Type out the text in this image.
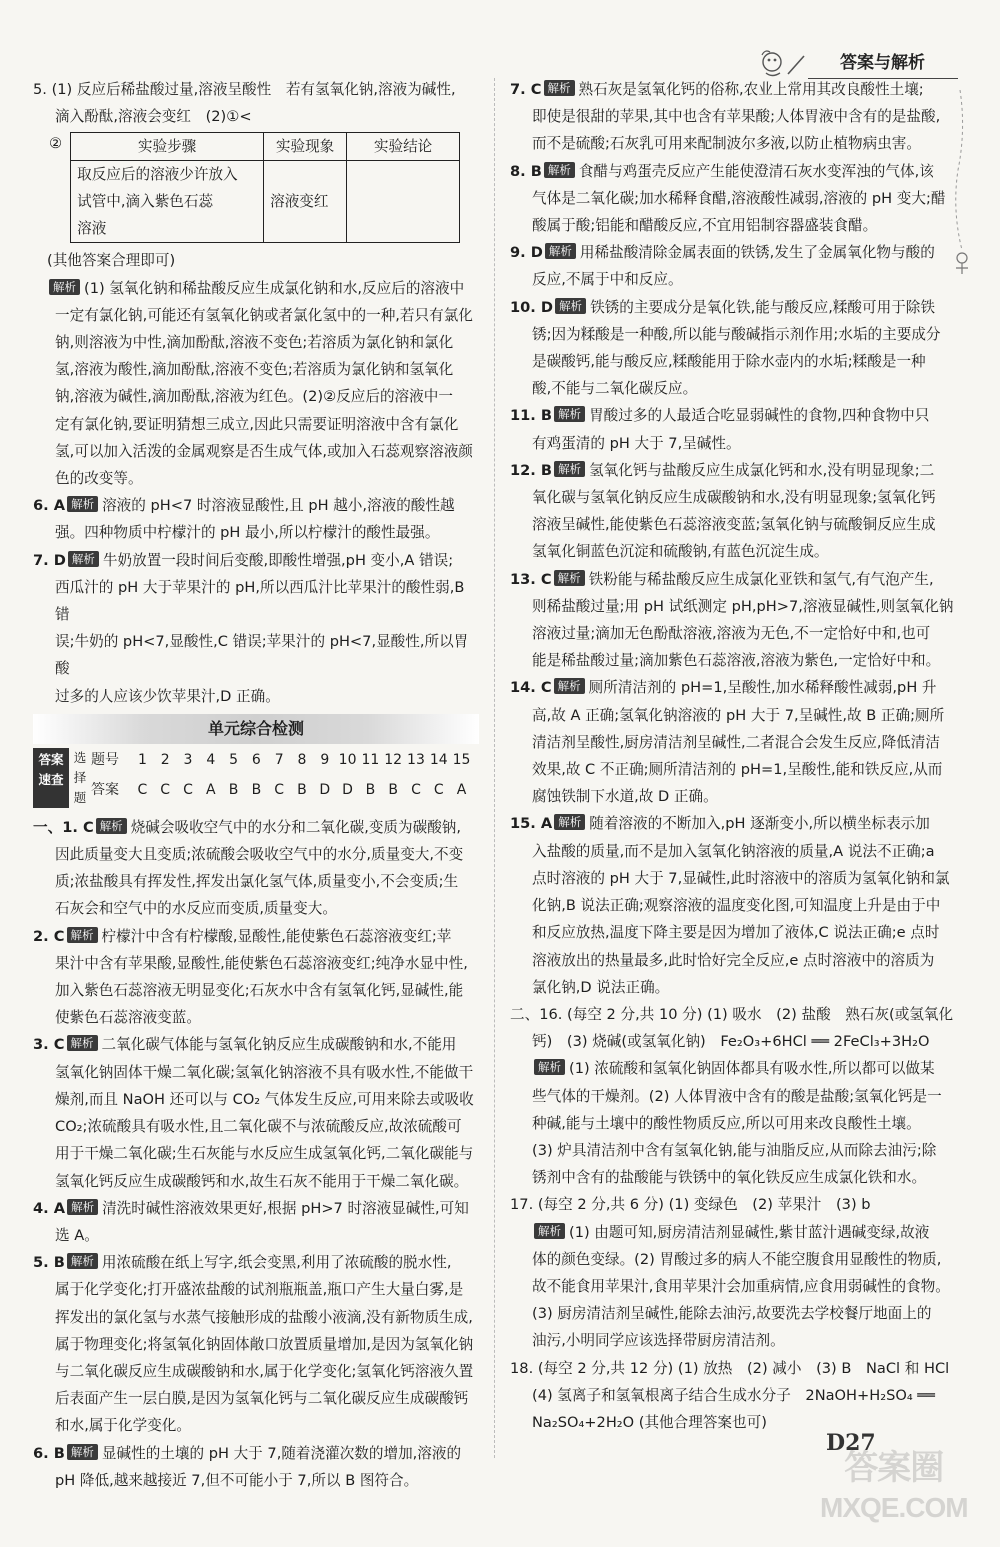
答案与解析

5. (1) 反应后稀盐酸过量,溶液呈酸性　若有氢氧化钠,溶液为碱性,

滴入酚酞,溶液会变红　(2)①<

②	实验步骤	实验现象	实验结论

取反应后的溶液少许放入
试管中,滴入紫色石蕊
溶液	溶液变红	

(其他答案合理即可)

解析 (1) 氢氧化钠和稀盐酸反应生成氯化钠和水,反应后的溶液中

一定有氯化钠,可能还有氢氧化钠或者氯化氢中的一种,若只有氯化

钠,则溶液为中性,滴加酚酞,溶液不变色;若溶质为氯化钠和氯化

氢,溶液为酸性,滴加酚酞,溶液不变色;若溶质为氯化钠和氢氧化

钠,溶液为碱性,滴加酚酞,溶液为红色。(2)②反应后的溶液中一

定有氯化钠,要证明猜想三成立,因此只需要证明溶液中含有氯化

氢,可以加入活泼的金属观察是否生成气体,或加入石蕊观察溶液颜

色的改变等。

6. A 解析 溶液的 pH<7 时溶液显酸性,且 pH 越小,溶液的酸性越

强。四种物质中柠檬汁的 pH 最小,所以柠檬汁的酸性最强。

7. D 解析 牛奶放置一段时间后变酸,即酸性增强,pH 变小,A 错误;

西瓜汁的 pH 大于苹果汁的 pH,所以西瓜汁比苹果汁的酸性弱,B 错

误;牛奶的 pH<7,显酸性,C 错误;苹果汁的 pH<7,显酸性,所以胃酸

过多的人应该少饮苹果汁,D 正确。

单元综合检测
答案
速查
选
择
题
题号	1 2 3 4 5 6 7 8 9 10 11 12 13 14 15
答案	C C C A B B C B D D B B C C A

一、1. C 解析 烧碱会吸收空气中的水分和二氧化碳,变质为碳酸钠,

因此质量变大且变质;浓硫酸会吸收空气中的水分,质量变大,不变

质;浓盐酸具有挥发性,挥发出氯化氢气体,质量变小,不会变质;生

石灰会和空气中的水反应而变质,质量变大。

2. C 解析 柠檬汁中含有柠檬酸,显酸性,能使紫色石蕊溶液变红;苹

果汁中含有苹果酸,显酸性,能使紫色石蕊溶液变红;纯净水显中性,

加入紫色石蕊溶液无明显变化;石灰水中含有氢氧化钙,显碱性,能

使紫色石蕊溶液变蓝。

3. C 解析 二氧化碳气体能与氢氧化钠反应生成碳酸钠和水,不能用

氢氧化钠固体干燥二氧化碳;氢氧化钠溶液不具有吸水性,不能做干

燥剂,而且 NaOH 还可以与 CO₂ 气体发生反应,可用来除去或吸收

CO₂;浓硫酸具有吸水性,且二氧化碳不与浓硫酸反应,故浓硫酸可

用于干燥二氧化碳;生石灰能与水反应生成氢氧化钙,二氧化碳能与

氢氧化钙反应生成碳酸钙和水,故生石灰不能用于干燥二氧化碳。

4. A 解析 清洗时碱性溶液效果更好,根据 pH>7 时溶液显碱性,可知

选 A。

5. B 解析 用浓硫酸在纸上写字,纸会变黑,利用了浓硫酸的脱水性,

属于化学变化;打开盛浓盐酸的试剂瓶瓶盖,瓶口产生大量白雾,是

挥发出的氯化氢与水蒸气接触形成的盐酸小液滴,没有新物质生成,

属于物理变化;将氢氧化钠固体敞口放置质量增加,是因为氢氧化钠

与二氧化碳反应生成碳酸钠和水,属于化学变化;氢氧化钙溶液久置

后表面产生一层白膜,是因为氢氧化钙与二氧化碳反应生成碳酸钙

和水,属于化学变化。

6. B 解析 显碱性的土壤的 pH 大于 7,随着浇灌次数的增加,溶液的

pH 降低,越来越接近 7,但不可能小于 7,所以 B 图符合。

7. C 解析 熟石灰是氢氧化钙的俗称,农业上常用其改良酸性土壤;

即使是很甜的苹果,其中也含有苹果酸;人体胃液中含有的是盐酸,

而不是硫酸;石灰乳可用来配制波尔多液,以防止植物病虫害。

8. B 解析 食醋与鸡蛋壳反应产生能使澄清石灰水变浑浊的气体,该

气体是二氧化碳;加水稀释食醋,溶液酸性减弱,溶液的 pH 变大;醋

酸属于酸;铝能和醋酸反应,不宜用铝制容器盛装食醋。

9. D 解析 用稀盐酸清除金属表面的铁锈,发生了金属氧化物与酸的

反应,不属于中和反应。

10. D 解析 铁锈的主要成分是氧化铁,能与酸反应,糅酸可用于除铁

锈;因为糅酸是一种酸,所以能与酸碱指示剂作用;水垢的主要成分

是碳酸钙,能与酸反应,糅酸能用于除水壶内的水垢;糅酸是一种

酸,不能与二氧化碳反应。

11. B 解析 胃酸过多的人最适合吃显弱碱性的食物,四种食物中只

有鸡蛋清的 pH 大于 7,呈碱性。

12. B 解析 氢氧化钙与盐酸反应生成氯化钙和水,没有明显现象;二

氧化碳与氢氧化钠反应生成碳酸钠和水,没有明显现象;氢氧化钙

溶液呈碱性,能使紫色石蕊溶液变蓝;氢氧化钠与硫酸铜反应生成

氢氧化铜蓝色沉淀和硫酸钠,有蓝色沉淀生成。

13. C 解析 铁粉能与稀盐酸反应生成氯化亚铁和氢气,有气泡产生,

则稀盐酸过量;用 pH 试纸测定 pH,pH>7,溶液显碱性,则氢氧化钠

溶液过量;滴加无色酚酞溶液,溶液为无色,不一定恰好中和,也可

能是稀盐酸过量;滴加紫色石蕊溶液,溶液为紫色,一定恰好中和。

14. C 解析 厕所清洁剂的 pH=1,呈酸性,加水稀释酸性减弱,pH 升

高,故 A 正确;氢氧化钠溶液的 pH 大于 7,呈碱性,故 B 正确;厕所

清洁剂呈酸性,厨房清洁剂呈碱性,二者混合会发生反应,降低清洁

效果,故 C 不正确;厕所清洁剂的 pH=1,呈酸性,能和铁反应,从而

腐蚀铁制下水道,故 D 正确。

15. A 解析 随着溶液的不断加入,pH 逐渐变小,所以横坐标表示加

入盐酸的质量,而不是加入氢氧化钠溶液的质量,A 说法不正确;a

点时溶液的 pH 大于 7,显碱性,此时溶液中的溶质为氢氧化钠和氯

化钠,B 说法正确;观察溶液的温度变化图,可知温度上升是由于中

和反应放热,温度下降主要是因为增加了液体,C 说法正确;e 点时

溶液放出的热量最多,此时恰好完全反应,e 点时溶液中的溶质为

氯化钠,D 说法正确。

二、16. (每空 2 分,共 10 分) (1) 吸水　(2) 盐酸　熟石灰(或氢氧化

钙)　(3) 烧碱(或氢氧化钠)　Fe₂O₃+6HCl ══ 2FeCl₃+3H₂O

解析 (1) 浓硫酸和氢氧化钠固体都具有吸水性,所以都可以做某

些气体的干燥剂。(2) 人体胃液中含有的酸是盐酸;氢氧化钙是一

种碱,能与土壤中的酸性物质反应,所以可用来改良酸性土壤。

(3) 炉具清洁剂中含有氢氧化钠,能与油脂反应,从而除去油污;除

锈剂中含有的盐酸能与铁锈中的氧化铁反应生成氯化铁和水。

17. (每空 2 分,共 6 分) (1) 变绿色　(2) 苹果汁　(3) b

解析 (1) 由题可知,厨房清洁剂显碱性,紫甘蓝汁遇碱变绿,故液

体的颜色变绿。(2) 胃酸过多的病人不能空腹食用显酸性的物质,

故不能食用苹果汁,食用苹果汁会加重病情,应食用弱碱性的食物。

(3) 厨房清洁剂呈碱性,能除去油污,故要洗去学校餐厅地面上的

油污,小明同学应该选择带厨房清洁剂。

18. (每空 2 分,共 12 分) (1) 放热　(2) 减小　(3) B　NaCl 和 HCl

(4) 氢离子和氢氧根离子结合生成水分子　2NaOH+H₂SO₄ ══

Na₂SO₄+2H₂O (其他合理答案也可)

D27
答案圈
MXQE.COM
